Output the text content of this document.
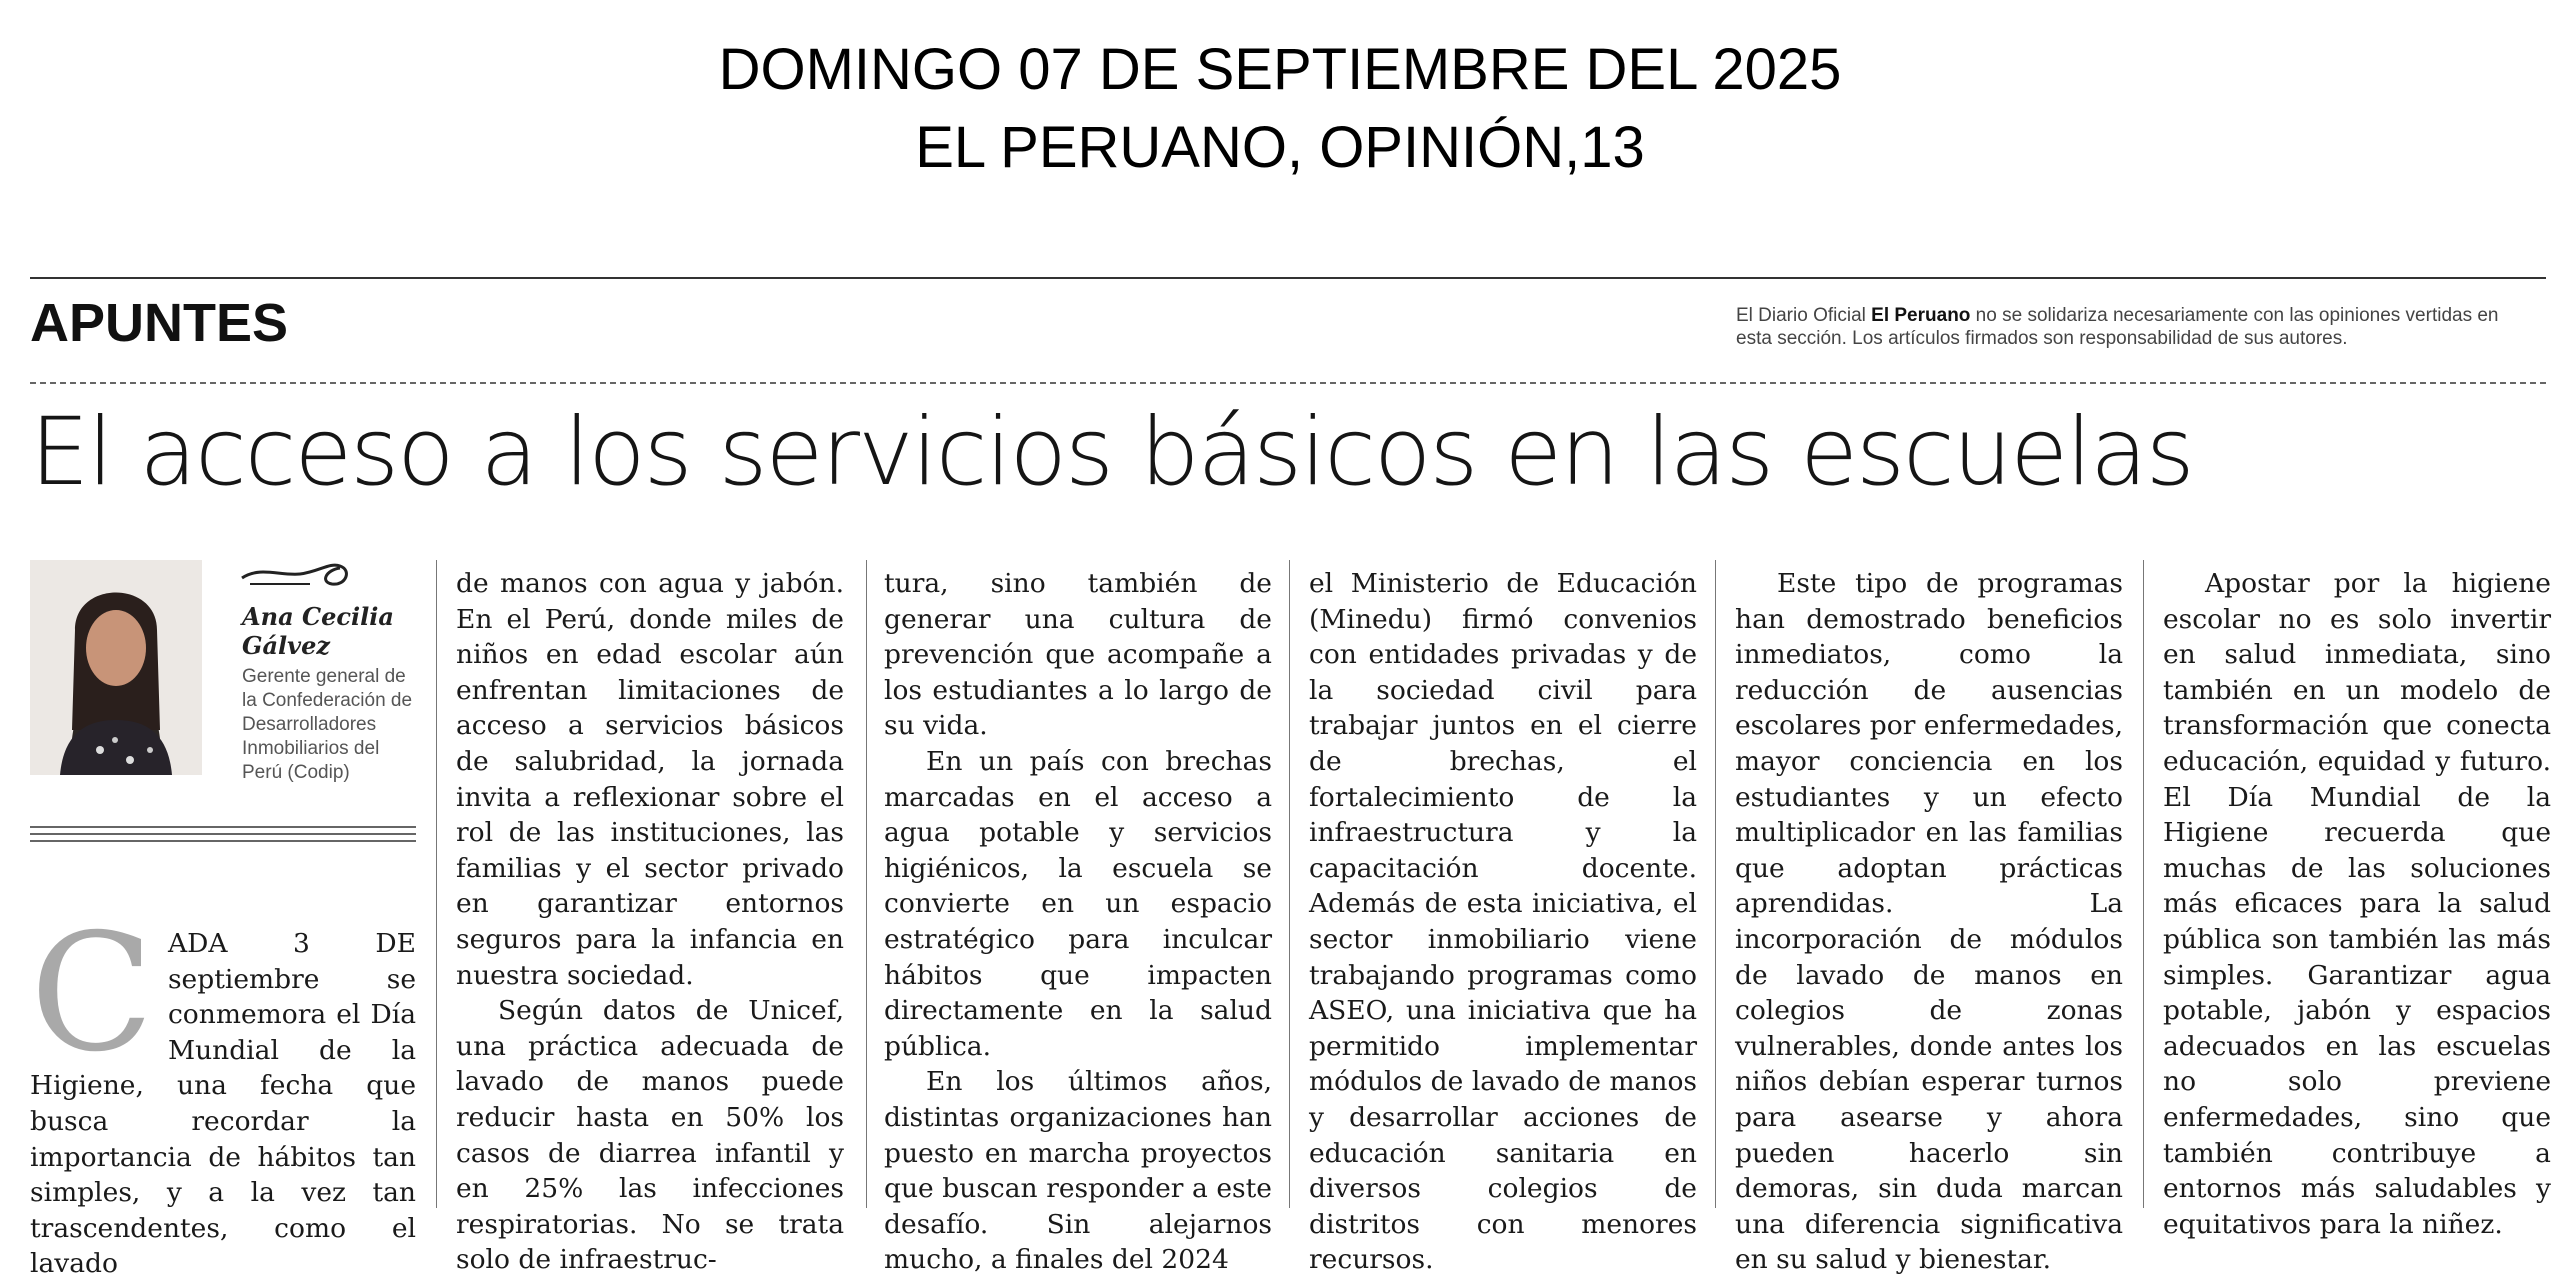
DOMINGO 07 DE SEPTIEMBRE DEL 2025
EL PERUANO, OPINIÓN,13
APUNTES	El Diario Oficial El Peruano no se solidariza necesariamente con las opiniones vertidas en esta sección. Los artículos firmados son responsabilidad de sus autores.
El acceso a los servicios básicos en las escuelas
Ana Cecilia Gálvez
Gerente general de la Confederación de Desarrolladores Inmobiliarios del Perú (Codip)
CADA 3 DE septiembre se conmemora el Día Mundial de la Higiene, una fecha que busca recordar la importancia de hábitos tan simples, y a la vez tan trascendentes, como el lavado

de manos con agua y jabón. En el Perú, donde miles de niños en edad escolar aún enfrentan limitaciones de acceso a servicios básicos de salubridad, la jornada invita a reflexionar sobre el rol de las instituciones, las familias y el sector privado en garantizar entornos seguros para la infancia en nuestra sociedad.

Según datos de Unicef, una práctica adecuada de lavado de manos puede reducir hasta en 50% los casos de diarrea infantil y en 25% las infecciones respiratorias. No se trata solo de infraestruc-

tura, sino también de generar una cultura de prevención que acompañe a los estudiantes a lo largo de su vida.

En un país con brechas marcadas en el acceso a agua potable y servicios higiénicos, la escuela se convierte en un espacio estratégico para inculcar hábitos que impacten directamente en la salud pública.

En los últimos años, distintas organizaciones han puesto en marcha proyectos que buscan responder a este desafío. Sin alejarnos mucho, a finales del 2024

el Ministerio de Educación (Minedu) firmó convenios con entidades privadas y de la sociedad civil para trabajar juntos en el cierre de brechas, el fortalecimiento de la infraestructura y la capacitación docente. Además de esta iniciativa, el sector inmobiliario viene trabajando programas como ASEO, una iniciativa que ha permitido implementar módulos de lavado de manos y desarrollar acciones de educación sanitaria en diversos colegios de distritos con menores recursos.

Este tipo de programas han demostrado beneficios inmediatos, como la reducción de ausencias escolares por enfermedades, mayor conciencia en los estudiantes y un efecto multiplicador en las familias que adoptan prácticas aprendidas. La incorporación de módulos de lavado de manos en colegios de zonas vulnerables, donde antes los niños debían esperar turnos para asearse y ahora pueden hacerlo sin demoras, sin duda marcan una diferencia significativa en su salud y bienestar.

Apostar por la higiene escolar no es solo invertir en salud inmediata, sino también en un modelo de transformación que conecta educación, equidad y futuro. El Día Mundial de la Higiene recuerda que muchas de las soluciones más eficaces para la salud pública son también las más simples. Garantizar agua potable, jabón y espacios adecuados en las escuelas no solo previene enfermedades, sino que también contribuye a entornos más saludables y equitativos para la niñez.
